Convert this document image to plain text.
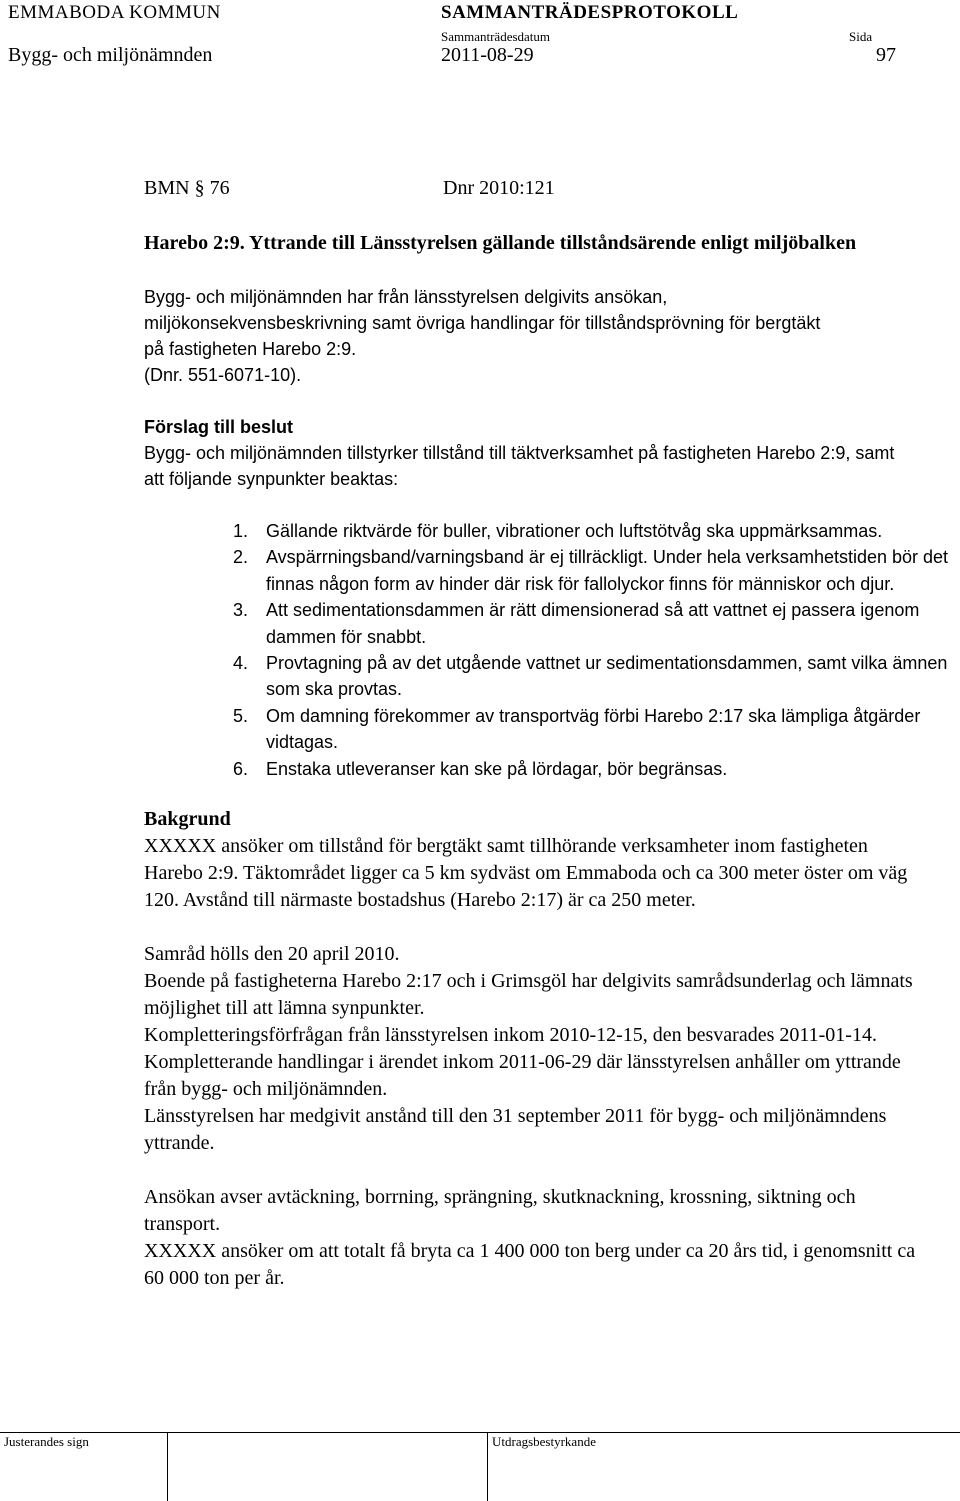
EMMABODA KOMMUN	SAMMANTRÄDESPROTOKOLL
Sammanträdesdatum	Sida
Bygg- och miljönämnden	2011-08-29	97
BMN § 76	Dnr 2010:121

Harebo 2:9. Yttrande till Länsstyrelsen gällande tillståndsärende enligt miljöbalken

Bygg- och miljönämnden har från länsstyrelsen delgivits ansökan, miljökonsekvensbeskrivning samt övriga handlingar för tillståndsprövning för bergtäkt på fastigheten Harebo 2:9.
(Dnr. 551-6071-10).

Förslag till beslut

Bygg- och miljönämnden tillstyrker tillstånd till täktverksamhet på fastigheten Harebo 2:9, samt att följande synpunkter beaktas:

1. Gällande riktvärde för buller, vibrationer och luftstötvåg ska uppmärksammas.
2. Avspärrningsband/varningsband är ej tillräckligt. Under hela verksamhetstiden bör det finnas någon form av hinder där risk för fallolyckor finns för människor och djur.
3. Att sedimentationsdammen är rätt dimensionerad så att vattnet ej passera igenom dammen för snabbt.
4. Provtagning på av det utgående vattnet ur sedimentationsdammen, samt vilka ämnen som ska provtas.
5. Om damning förekommer av transportväg förbi Harebo 2:17 ska lämpliga åtgärder vidtagas.
6. Enstaka utleveranser kan ske på lördagar, bör begränsas.

Bakgrund

XXXXX ansöker om tillstånd för bergtäkt samt tillhörande verksamheter inom fastigheten Harebo 2:9. Täktområdet ligger ca 5 km sydväst om Emmaboda och ca 300 meter öster om väg 120. Avstånd till närmaste bostadshus (Harebo 2:17) är ca 250 meter.

Samråd hölls den 20 april 2010.

Boende på fastigheterna Harebo 2:17 och i Grimsgöl har delgivits samrådsunderlag och lämnats möjlighet till att lämna synpunkter.

Kompletteringsförfrågan från länsstyrelsen inkom 2010-12-15, den besvarades 2011-01-14.

Kompletterande handlingar i ärendet inkom 2011-06-29 där länsstyrelsen anhåller om yttrande från bygg- och miljönämnden.

Länsstyrelsen har medgivit anstånd till den 31 september 2011 för bygg- och miljönämndens yttrande.

Ansökan avser avtäckning, borrning, sprängning, skutknackning, krossning, siktning och transport.

XXXXX ansöker om att totalt få bryta ca 1 400 000 ton berg under ca 20 års tid, i genomsnitt ca 60 000 ton per år.

Justerandes sign	Utdragsbestyrkande
